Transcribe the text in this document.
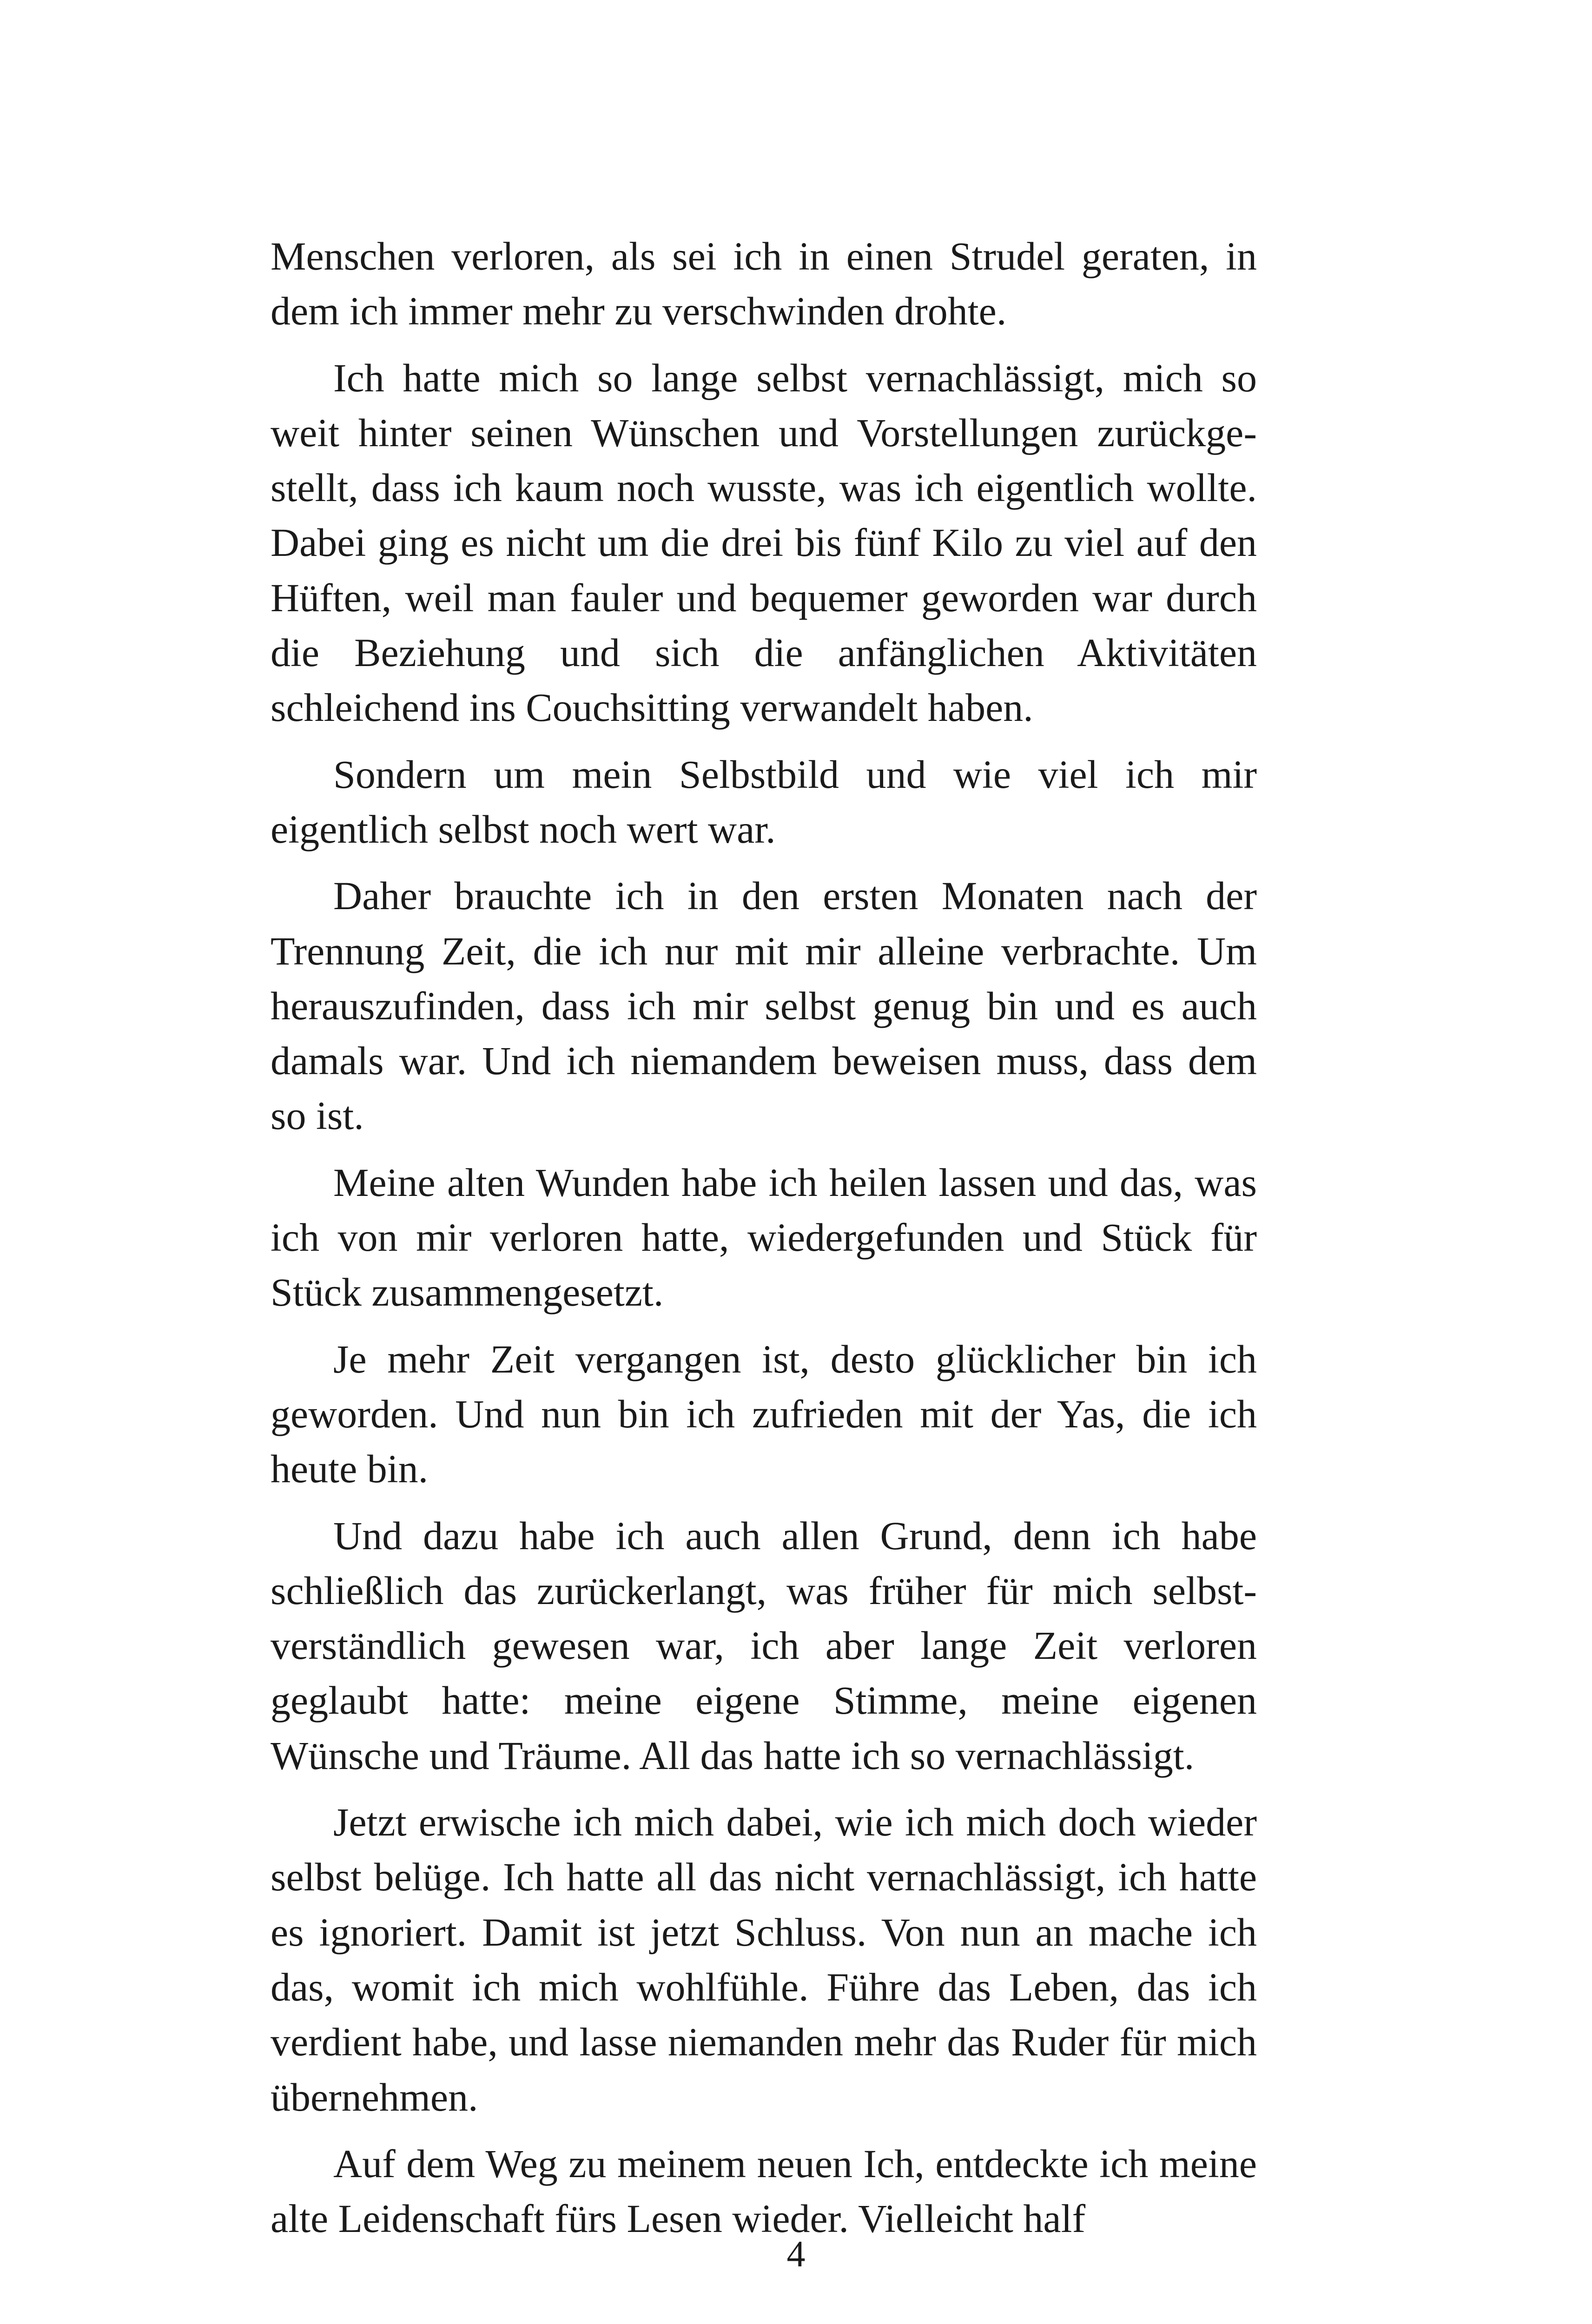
Menschen verloren, als sei ich in einen Strudel geraten, in dem ich immer mehr zu verschwinden drohte.

Ich hatte mich so lange selbst vernachlässigt, mich so weit hinter seinen Wünschen und Vorstellungen zurückgestellt, dass ich kaum noch wusste, was ich eigentlich wollte. Dabei ging es nicht um die drei bis fünf Kilo zu viel auf den Hüften, weil man fauler und bequemer geworden war durch die Beziehung und sich die anfänglichen Aktivitäten schleichend ins Couchsitting verwandelt haben.

Sondern um mein Selbstbild und wie viel ich mir eigentlich selbst noch wert war.

Daher brauchte ich in den ersten Monaten nach der Trennung Zeit, die ich nur mit mir alleine verbrachte. Um herauszufinden, dass ich mir selbst genug bin und es auch damals war. Und ich niemandem beweisen muss, dass dem so ist.

Meine alten Wunden habe ich heilen lassen und das, was ich von mir verloren hatte, wiedergefunden und Stück für Stück zusammengesetzt.

Je mehr Zeit vergangen ist, desto glücklicher bin ich geworden. Und nun bin ich zufrieden mit der Yas, die ich heute bin.

Und dazu habe ich auch allen Grund, denn ich habe schließlich das zurückerlangt, was früher für mich selbstverständlich gewesen war, ich aber lange Zeit verloren geglaubt hatte: meine eigene Stimme, meine eigenen Wünsche und Träume. All das hatte ich so vernachlässigt.

Jetzt erwische ich mich dabei, wie ich mich doch wieder selbst belüge. Ich hatte all das nicht vernachlässigt, ich hatte es ignoriert. Damit ist jetzt Schluss. Von nun an mache ich das, womit ich mich wohlfühle. Führe das Leben, das ich verdient habe, und lasse niemanden mehr das Ruder für mich übernehmen.

Auf dem Weg zu meinem neuen Ich, entdeckte ich meine alte Leidenschaft fürs Lesen wieder. Vielleicht half

4
